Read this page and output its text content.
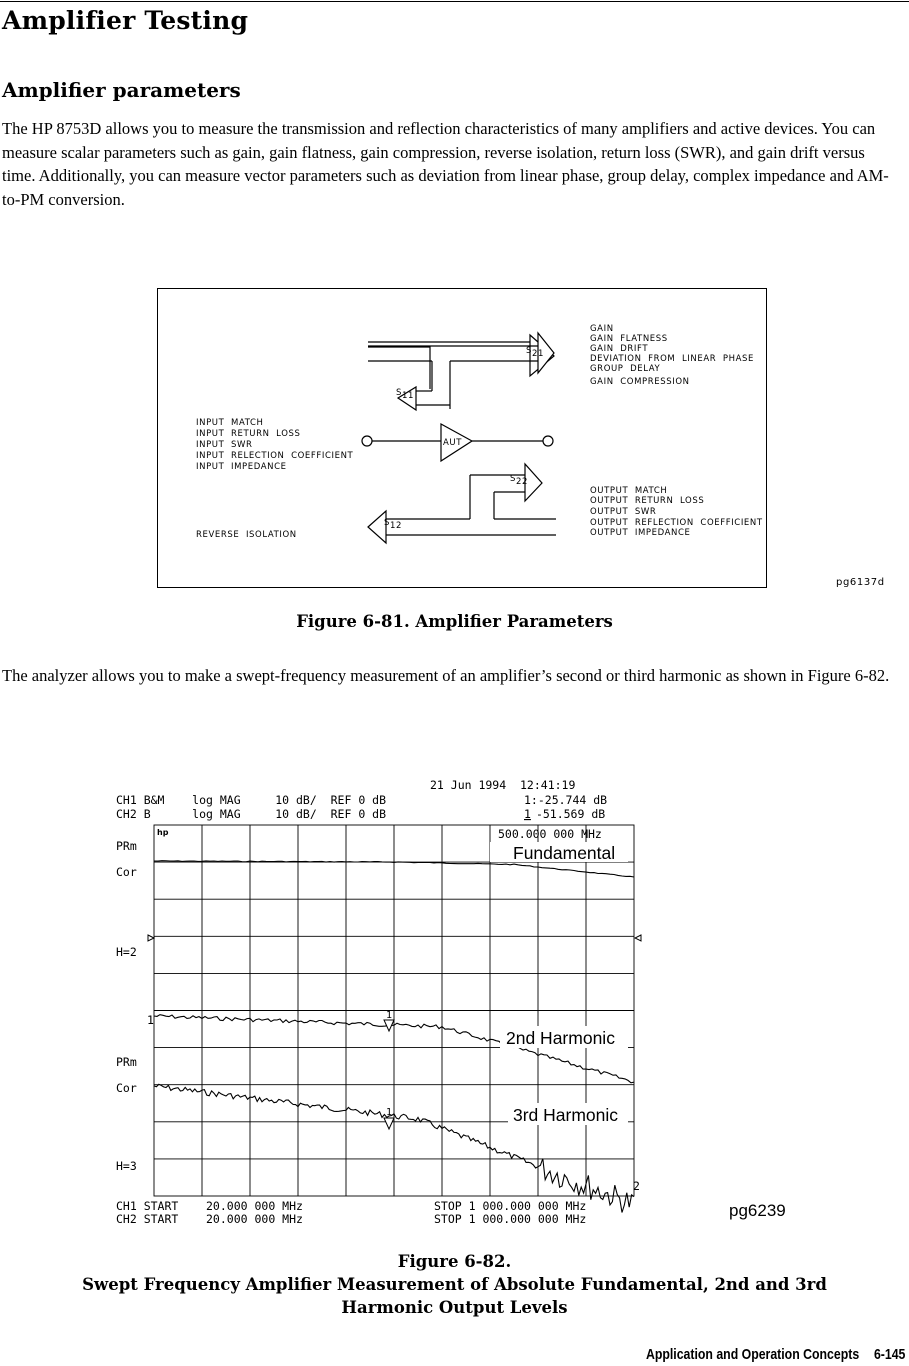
Amplifier Testing
Amplifier parameters

The HP 8753D allows you to measure the transmission and reflection characteristics of many amplifiers and active devices. You can measure scalar parameters such as gain, gain flatness, gain compression, reverse isolation, return loss (SWR), and gain drift versus time. Additionally, you can measure vector parameters such as deviation from linear phase, group delay, complex impedance and AM-to-PM conversion.

AUT
S21
S11
S22
S12
GAIN
GAIN  FLATNESS
GAIN  DRIFT
DEVIATION  FROM  LINEAR  PHASE
GROUP  DELAY
GAIN  COMPRESSION
INPUT  MATCH
INPUT  RETURN  LOSS
INPUT  SWR
INPUT  RELECTION  COEFFICIENT
INPUT  IMPEDANCE
OUTPUT  MATCH
OUTPUT  RETURN  LOSS
OUTPUT  SWR
OUTPUT  REFLECTION  COEFFICIENT
OUTPUT  IMPEDANCE
REVERSE  ISOLATION
pg6137d
Figure 6-81. Amplifier Parameters

The analyzer allows you to make a swept-frequency measurement of an amplifier’s second or third harmonic as shown in Figure 6-82.

21 Jun 1994  12:41:19
CH1 B&M    log MAG     10 dB/  REF 0 dB
CH2 B      log MAG     10 dB/  REF 0 dB
1:-25.744 dB
1 -51.569 dB
500.000 000 MHz
PRm
Cor
H=2
1
PRm
Cor
H=3
2
CH1 START    20.000 000 MHz
CH2 START    20.000 000 MHz
STOP 1 000.000 000 MHz
STOP 1 000.000 000 MHz
hp
1
1
Fundamental
2nd Harmonic
3rd Harmonic
pg6239
Figure 6-82.
Swept Frequency Amplifier Measurement of Absolute Fundamental, 2nd and 3rd
Harmonic Output Levels
Application and Operation Concepts 6-145
